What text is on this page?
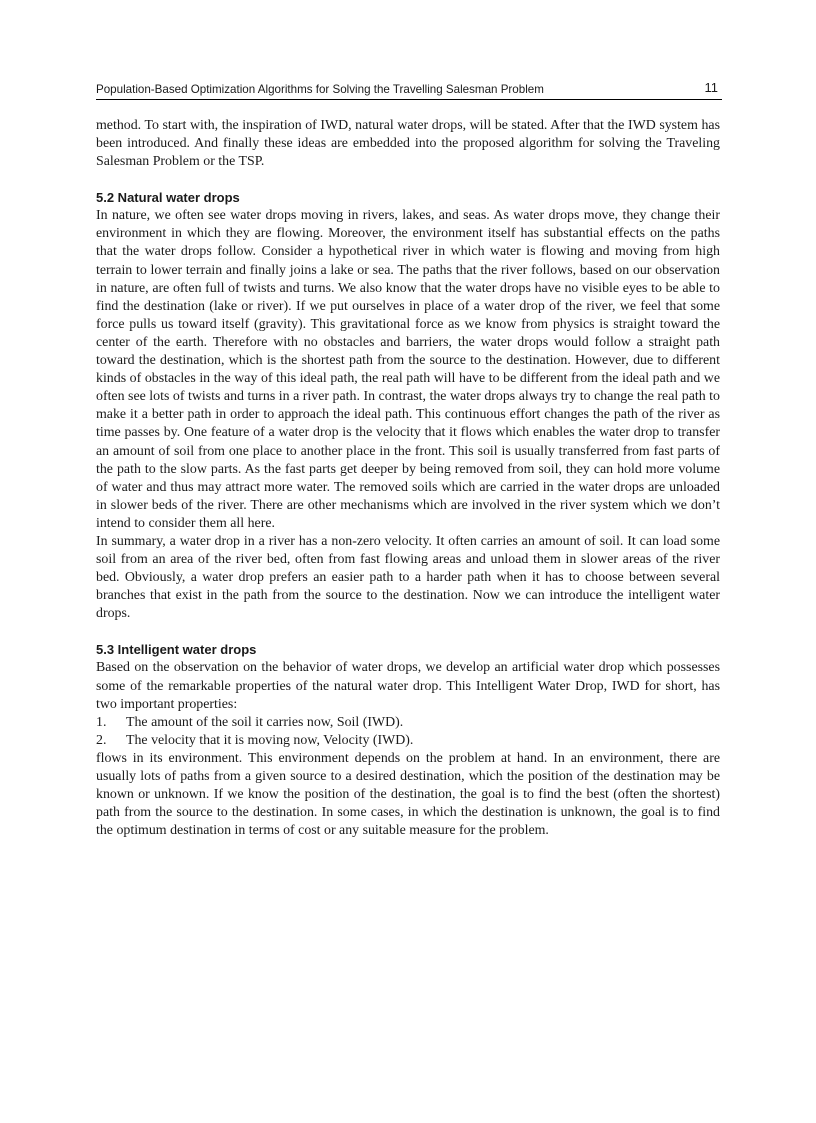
Population-Based Optimization Algorithms for Solving the Travelling Salesman Problem	11

method. To start with, the inspiration of IWD, natural water drops, will be stated. After that the IWD system has been introduced. And finally these ideas are embedded into the proposed algorithm for solving the Traveling Salesman Problem or the TSP.

5.2 Natural water drops

In nature, we often see water drops moving in rivers, lakes, and seas. As water drops move, they change their environment in which they are flowing. Moreover, the environment itself has substantial effects on the paths that the water drops follow. Consider a hypothetical river in which water is flowing and moving from high terrain to lower terrain and finally joins a lake or sea. The paths that the river follows, based on our observation in nature, are often full of twists and turns. We also know that the water drops have no visible eyes to be able to find the destination (lake or river). If we put ourselves in place of a water drop of the river, we feel that some force pulls us toward itself (gravity). This gravitational force as we know from physics is straight toward the center of the earth. Therefore with no obstacles and barriers, the water drops would follow a straight path toward the destination, which is the shortest path from the source to the destination. However, due to different kinds of obstacles in the way of this ideal path, the real path will have to be different from the ideal path and we often see lots of twists and turns in a river path. In contrast, the water drops always try to change the real path to make it a better path in order to approach the ideal path. This continuous effort changes the path of the river as time passes by. One feature of a water drop is the velocity that it flows which enables the water drop to transfer an amount of soil from one place to another place in the front. This soil is usually transferred from fast parts of the path to the slow parts. As the fast parts get deeper by being removed from soil, they can hold more volume of water and thus may attract more water. The removed soils which are carried in the water drops are unloaded in slower beds of the river. There are other mechanisms which are involved in the river system which we don’t intend to consider them all here.

In summary, a water drop in a river has a non-zero velocity. It often carries an amount of soil. It can load some soil from an area of the river bed, often from fast flowing areas and unload them in slower areas of the river bed. Obviously, a water drop prefers an easier path to a harder path when it has to choose between several branches that exist in the path from the source to the destination. Now we can introduce the intelligent water drops.

5.3 Intelligent water drops

Based on the observation on the behavior of water drops, we develop an artificial water drop which possesses some of the remarkable properties of the natural water drop. This Intelligent Water Drop, IWD for short, has two important properties:

1.	The amount of the soil it carries now, Soil (IWD).
2.	The velocity that it is moving now, Velocity (IWD).

flows in its environment. This environment depends on the problem at hand. In an environment, there are usually lots of paths from a given source to a desired destination, which the position of the destination may be known or unknown. If we know the position of the destination, the goal is to find the best (often the shortest) path from the source to the destination. In some cases, in which the destination is unknown, the goal is to find the optimum destination in terms of cost or any suitable measure for the problem.
